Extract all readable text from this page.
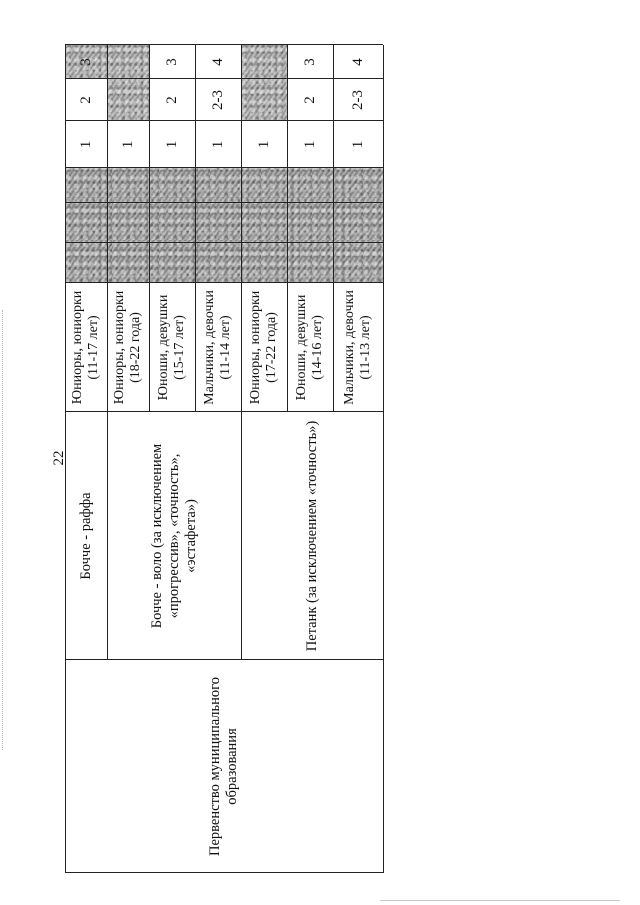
22
Первенство муниципального образования
Бочче - раффа	Бочче - воло (за исключением «прогрессив», «точность», «эстафета»)	Петанк (за исключением «точность»)
Юниоры, юниорки (11-17 лет)
1
2
3
Юниоры, юниорки (18-22 года)
1
Юноши, девушки (15-17 лет)
1
2
3
Мальчики, девочки (11-14 лет)
1
2-3
4
Юниоры, юниорки (17-22 года)
1
Юноши, девушки (14-16 лет)
1
2
3
Мальчики, девочки (11-13 лет)
1
2-3
4
